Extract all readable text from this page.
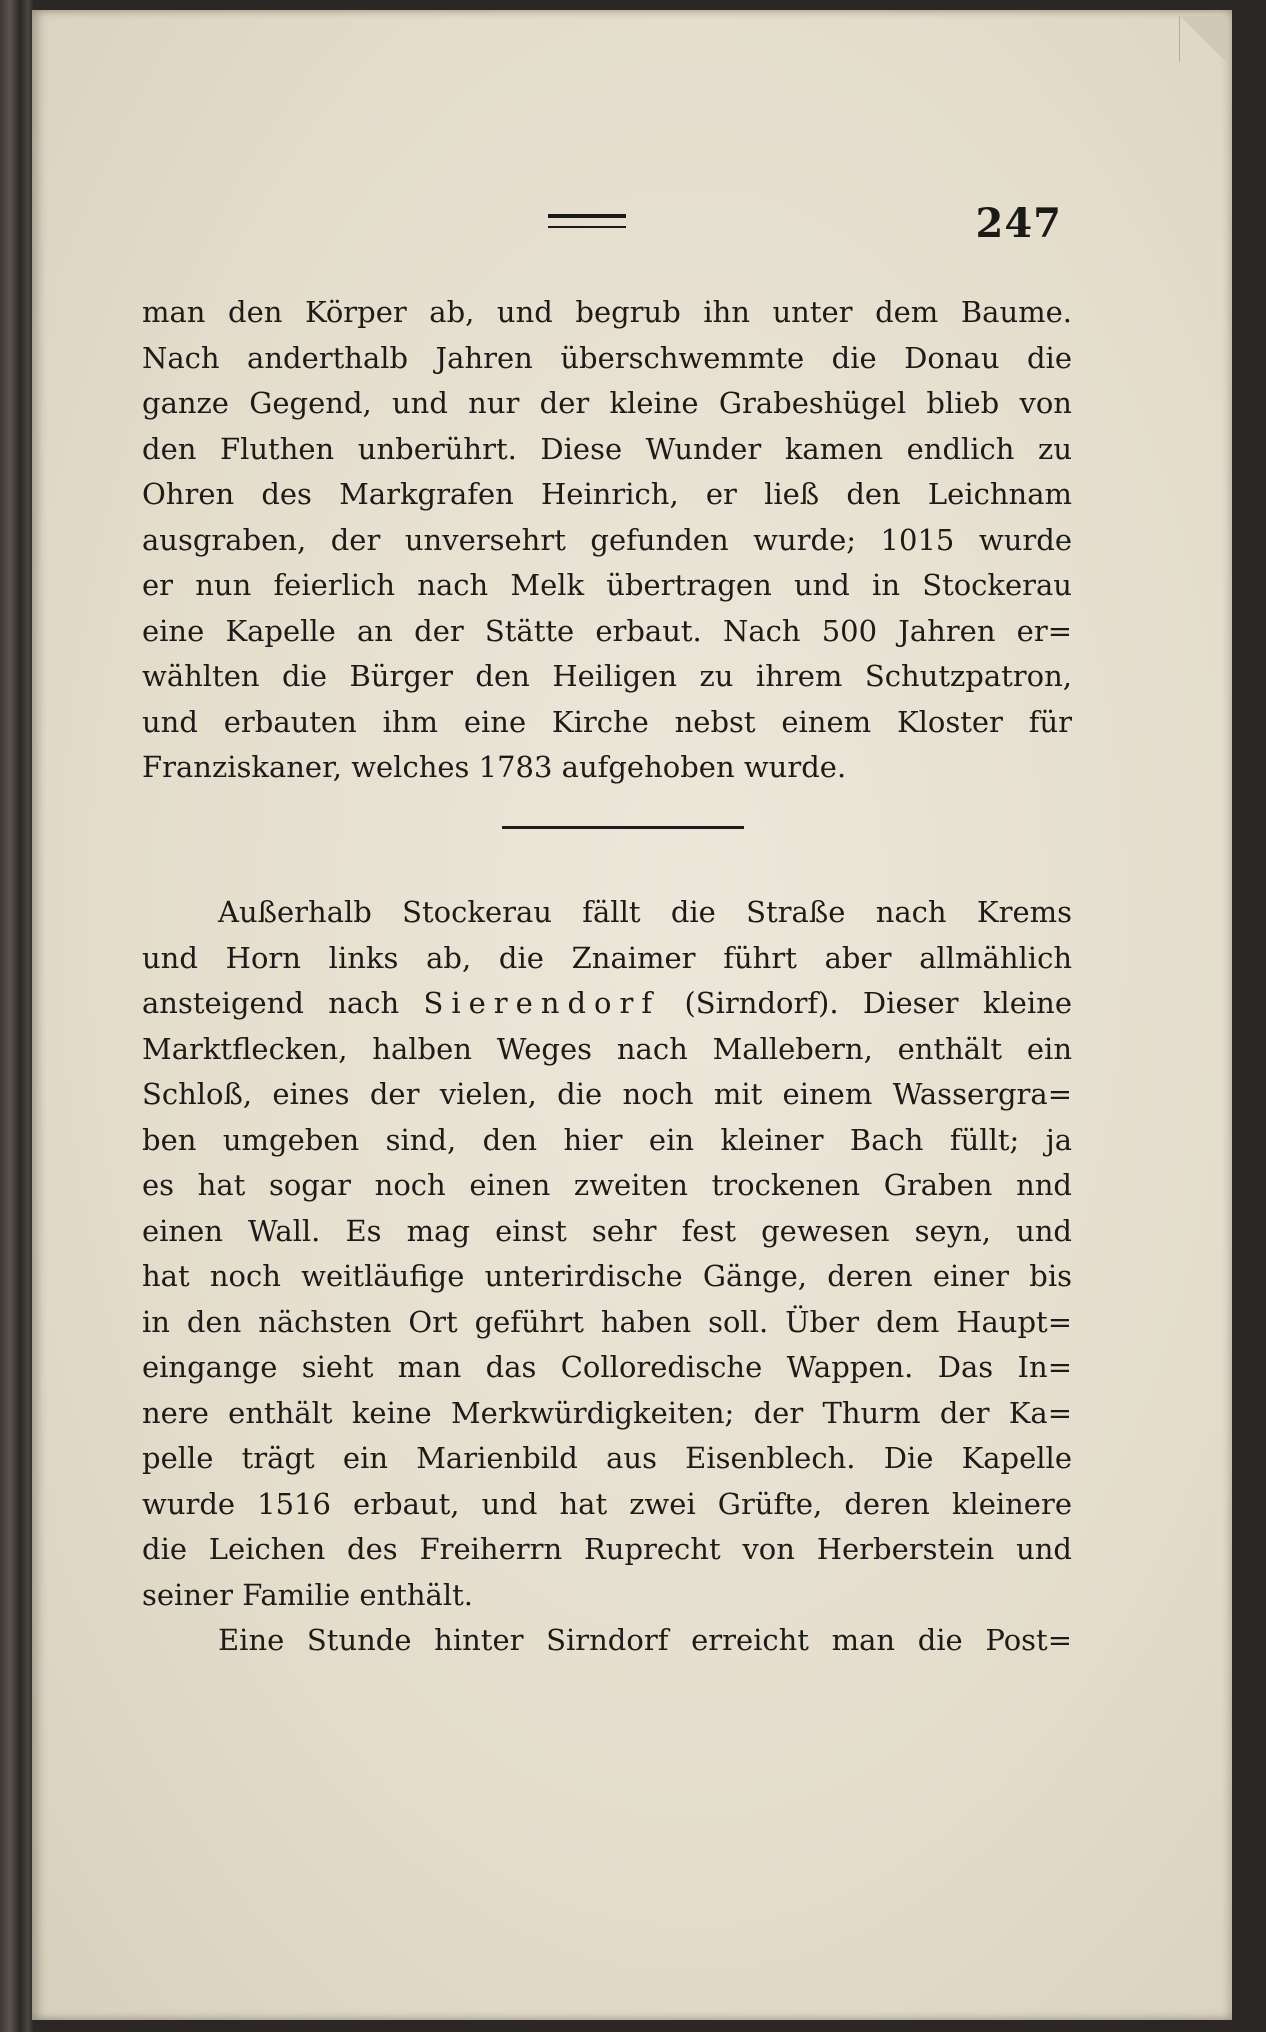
247
man den Körper ab, und begrub ihn unter dem Baume.
Nach anderthalb Jahren überschwemmte die Donau die
ganze Gegend, und nur der kleine Grabeshügel blieb von
den Fluthen unberührt. Diese Wunder kamen endlich zu
Ohren des Markgrafen Heinrich, er ließ den Leichnam
ausgraben, der unversehrt gefunden wurde; 1015 wurde
er nun feierlich nach Melk übertragen und in Stockerau
eine Kapelle an der Stätte erbaut. Nach 500 Jahren er=
wählten die Bürger den Heiligen zu ihrem Schutzpatron,
und erbauten ihm eine Kirche nebst einem Kloster für
Franziskaner, welches 1783 aufgehoben wurde.
Außerhalb Stockerau fällt die Straße nach Krems
und Horn links ab, die Znaimer führt aber allmählich
ansteigend nach Sierendorf (Sirndorf). Dieser kleine
Marktflecken, halben Weges nach Mallebern, enthält ein
Schloß, eines der vielen, die noch mit einem Wassergra=
ben umgeben sind, den hier ein kleiner Bach füllt; ja
es hat sogar noch einen zweiten trockenen Graben nnd
einen Wall. Es mag einst sehr fest gewesen seyn, und
hat noch weitläufige unterirdische Gänge, deren einer bis
in den nächsten Ort geführt haben soll. Über dem Haupt=
eingange sieht man das Colloredische Wappen. Das In=
nere enthält keine Merkwürdigkeiten; der Thurm der Ka=
pelle trägt ein Marienbild aus Eisenblech. Die Kapelle
wurde 1516 erbaut, und hat zwei Grüfte, deren kleinere
die Leichen des Freiherrn Ruprecht von Herberstein und
seiner Familie enthält.
Eine Stunde hinter Sirndorf erreicht man die Post=
